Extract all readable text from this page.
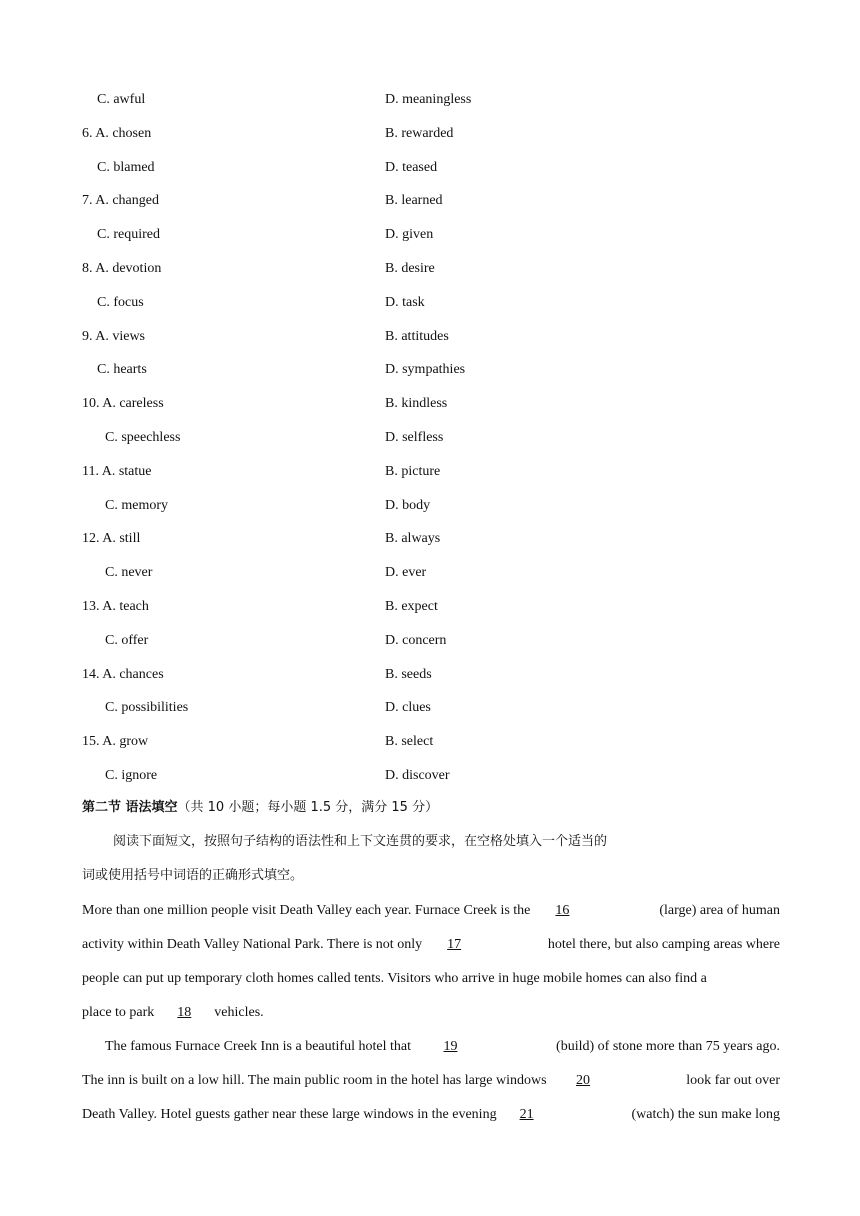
C. awful	D. meaningless
6. A. chosen	B. rewarded
C. blamed	D. teased
7. A. changed	B. learned
C. required	D. given
8. A. devotion	B. desire
C. focus	D. task
9. A. views	B. attitudes
C. hearts	D. sympathies
10. A. careless	B. kindless
C. speechless	D. selfless
11. A. statue	B. picture
C. memory	D. body
12. A. still	B. always
C. never	D. ever
13. A. teach	B. expect
C. offer	D. concern
14. A. chances	B. seeds
C. possibilities	D. clues
15. A. grow	B. select
C. ignore	D. discover
第二节 语法填空（共 10 小题；每小题 1.5 分，满分 15 分）
阅读下面短文，按照句子结构的语法性和上下文连贯的要求，在空格处填入一个适当的
词或使用括号中词语的正确形式填空。
More than one million people visit Death Valley each year. Furnace Creek is the 16	(large) area of human
activity within Death Valley National Park. There is not only 17	hotel there, but also camping areas where
people can put up temporary cloth homes called tents. Visitors who arrive in huge mobile homes can also find a
place to park	18	vehicles.
The famous Furnace Creek Inn is a beautiful hotel that 19	(build) of stone more than 75 years ago.
The inn is built on a low hill. The main public room in the hotel has large windows 20	look far out over
Death Valley. Hotel guests gather near these large windows in the evening 21	(watch) the sun make long
